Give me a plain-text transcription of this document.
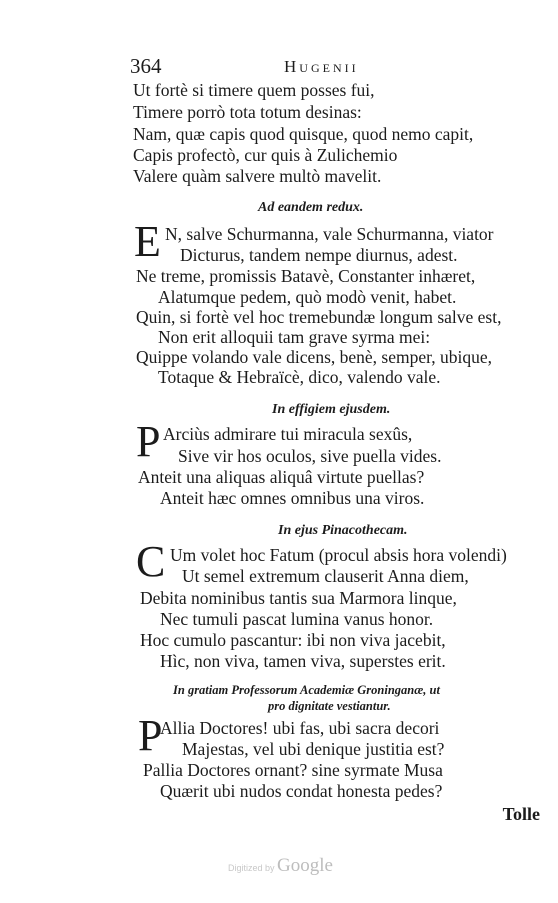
364	Hugenii
Ut fortè si timere quem posses fui,
Timere porrò tota totum desinas:
Nam, quæ capis quod quisque, quod nemo capit,
Capis profectò, cur quis à Zulichemio
Valere quàm salvere multò mavelit.
Ad eandem redux.
E N, salve Schurmanna, vale Schurmanna, viator
Dicturus, tandem nempe diurnus, adest.
Ne treme, promissis Batavè, Constanter inhæret,
Alatumque pedem, quò modò venit, habet.
Quin, si fortè vel hoc tremebundæ longum salve est,
Non erit alloquii tam grave syrma mei:
Quippe volando vale dicens, benè, semper, ubique,
Totaque & Hebraïcè, dico, valendo vale.
In effigiem ejusdem.
P Arciùs admirare tui miracula sexûs,
Sive vir hos oculos, sive puella vides.
Anteit una aliquas aliquâ virtute puellas?
Anteit hæc omnes omnibus una viros.
In ejus Pinacothecam.
C Um volet hoc Fatum (procul absis hora volendi)
Ut semel extremum clauserit Anna diem,
Debita nominibus tantis sua Marmora linque,
Nec tumuli pascat lumina vanus honor.
Hoc cumulo pascantur: ibi non viva jacebit,
Hìc, non viva, tamen viva, superstes erit.
In gratiam Professorum Academiæ Groninganæ, ut
pro dignitate vestiantur.
P
Allia Doctores! ubi fas, ubi sacra decori
Majestas, vel ubi denique justitia est?
Pallia Doctores ornant? sine syrmate Musa
Quærit ubi nudos condat honesta pedes?
Tolle
Digitized by Google
